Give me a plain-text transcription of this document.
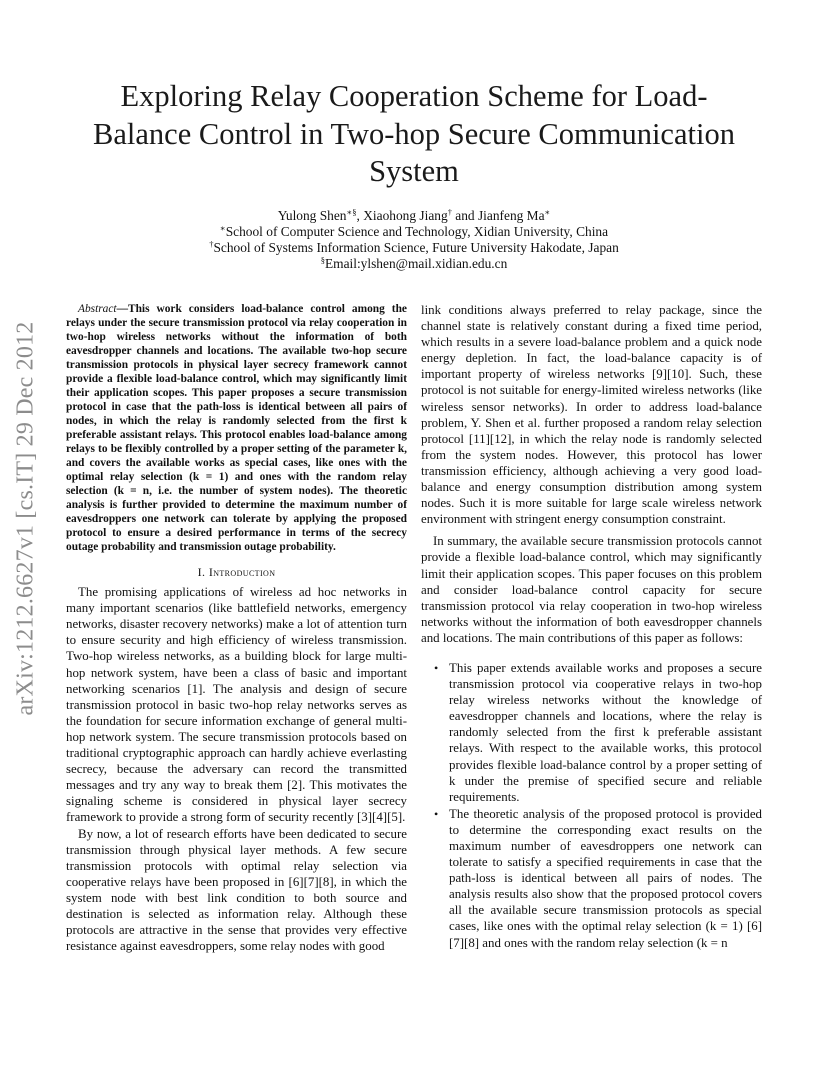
arXiv:1212.6627v1 [cs.IT] 29 Dec 2012
Exploring Relay Cooperation Scheme for Load-Balance Control in Two-hop Secure Communication System
Yulong Shen∗§, Xiaohong Jiang† and Jianfeng Ma∗
∗School of Computer Science and Technology, Xidian University, China
†School of Systems Information Science, Future University Hakodate, Japan
§Email:ylshen@mail.xidian.edu.cn

Abstract—This work considers load-balance control among the relays under the secure transmission protocol via relay cooperation in two-hop wireless networks without the information of both eavesdropper channels and locations. The available two-hop secure transmission protocols in physical layer secrecy framework cannot provide a flexible load-balance control, which may significantly limit their application scopes. This paper proposes a secure transmission protocol in case that the path-loss is identical between all pairs of nodes, in which the relay is randomly selected from the first k preferable assistant relays. This protocol enables load-balance among relays to be flexibly controlled by a proper setting of the parameter k, and covers the available works as special cases, like ones with the optimal relay selection (k = 1) and ones with the random relay selection (k = n, i.e. the number of system nodes). The theoretic analysis is further provided to determine the maximum number of eavesdroppers one network can tolerate by applying the proposed protocol to ensure a desired performance in terms of the secrecy outage probability and transmission outage probability.

I. Introduction

The promising applications of wireless ad hoc networks in many important scenarios (like battlefield networks, emergency networks, disaster recovery networks) make a lot of attention turn to ensure security and high efficiency of wireless transmission. Two-hop wireless networks, as a building block for large multi-hop network system, have been a class of basic and important networking scenarios [1]. The analysis and design of secure transmission protocol in basic two-hop relay networks serves as the foundation for secure information exchange of general multi-hop network system. The secure transmission protocols based on traditional cryptographic approach can hardly achieve everlasting secrecy, because the adversary can record the transmitted messages and try any way to break them [2]. This motivates the signaling scheme is considered in physical layer secrecy framework to provide a strong form of security recently [3][4][5].

By now, a lot of research efforts have been dedicated to secure transmission through physical layer methods. A few secure transmission protocols with optimal relay selection via cooperative relays have been proposed in [6][7][8], in which the system node with best link condition to both source and destination is selected as information relay. Although these protocols are attractive in the sense that provides very effective resistance against eavesdroppers, some relay nodes with good

link conditions always preferred to relay package, since the channel state is relatively constant during a fixed time period, which results in a severe load-balance problem and a quick node energy depletion. In fact, the load-balance capacity is of important property of wireless networks [9][10]. Such, these protocol is not suitable for energy-limited wireless networks (like wireless sensor networks). In order to address load-balance problem, Y. Shen et al. further proposed a random relay selection protocol [11][12], in which the relay node is randomly selected from the system nodes. However, this protocol has lower transmission efficiency, although achieving a very good load-balance and energy consumption distribution among system nodes. Such it is more suitable for large scale wireless network environment with stringent energy consumption constraint.

In summary, the available secure transmission protocols cannot provide a flexible load-balance control, which may significantly limit their application scopes. This paper focuses on this problem and consider load-balance control capacity for secure transmission protocol via relay cooperation in two-hop wireless networks without the information of both eavesdropper channels and locations. The main contributions of this paper as follows:

• This paper extends available works and proposes a secure transmission protocol via cooperative relays in two-hop relay wireless networks without the knowledge of eavesdropper channels and locations, where the relay is randomly selected from the first k preferable assistant relays. With respect to the available works, this protocol provides flexible load-balance control by a proper setting of k under the premise of specified secure and reliable requirements.
• The theoretic analysis of the proposed protocol is provided to determine the corresponding exact results on the maximum number of eavesdroppers one network can tolerate to satisfy a specified requirements in case that the path-loss is identical between all pairs of nodes. The analysis results also show that the proposed protocol covers all the available secure transmission protocols as special cases, like ones with the optimal relay selection (k = 1) [6][7][8] and ones with the random relay selection (k = n
